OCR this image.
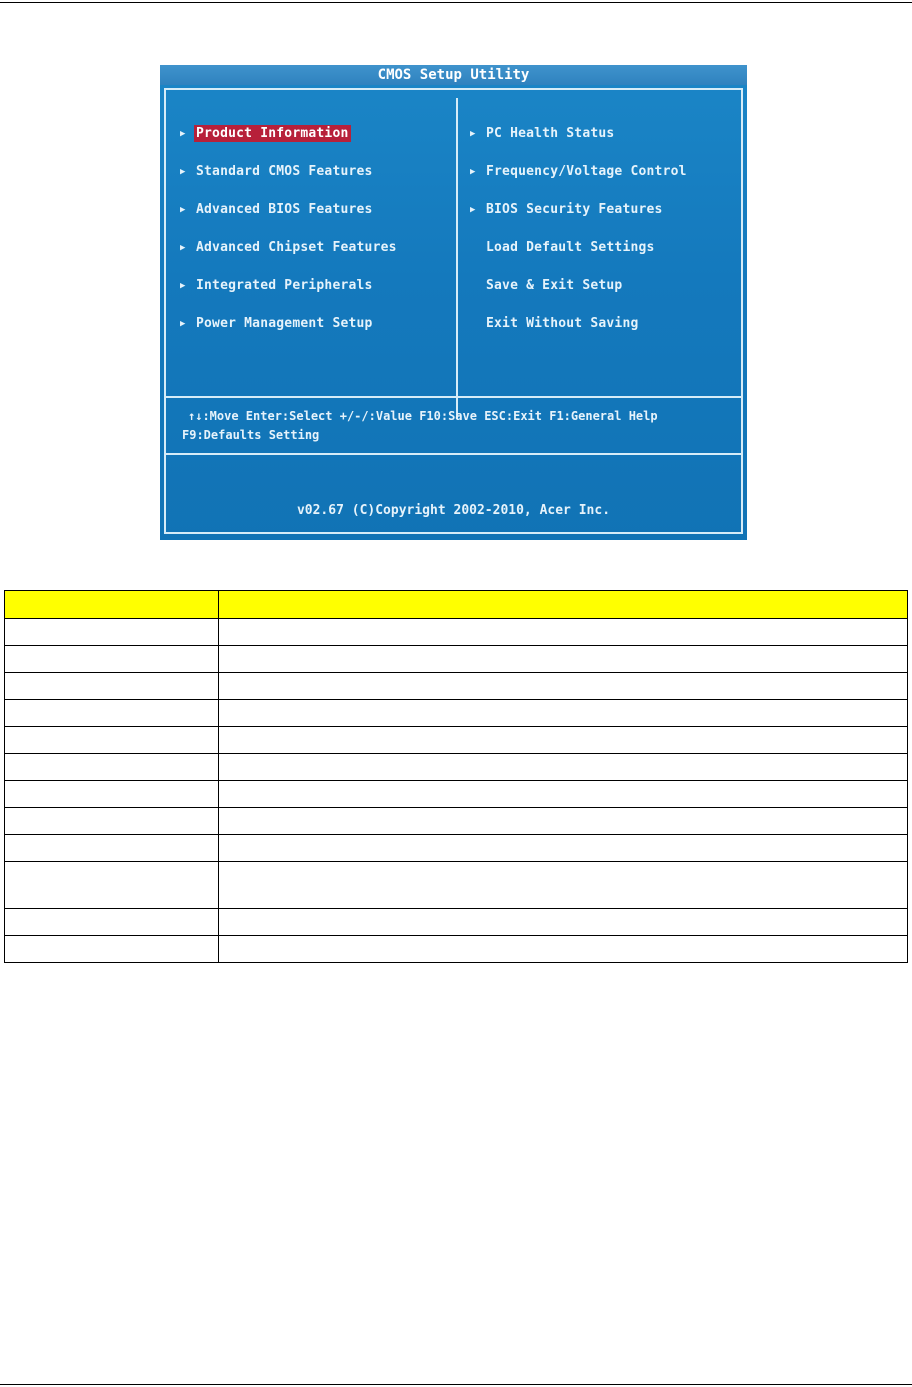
CMOS Setup Utility
▶ Product Information
▶ Standard CMOS Features
▶ Advanced BIOS Features
▶ Advanced Chipset Features
▶ Integrated Peripherals
▶ Power Management Setup
▶ PC Health Status
▶ Frequency/Voltage Control
▶ BIOS Security Features
Load Default Settings
Save & Exit Setup
Exit Without Saving
↑↓:Move Enter:Select +/-/:Value F10:Save ESC:Exit F1:General Help
F9:Defaults Setting
v02.67 (C)Copyright 2002-2010, Acer Inc.
